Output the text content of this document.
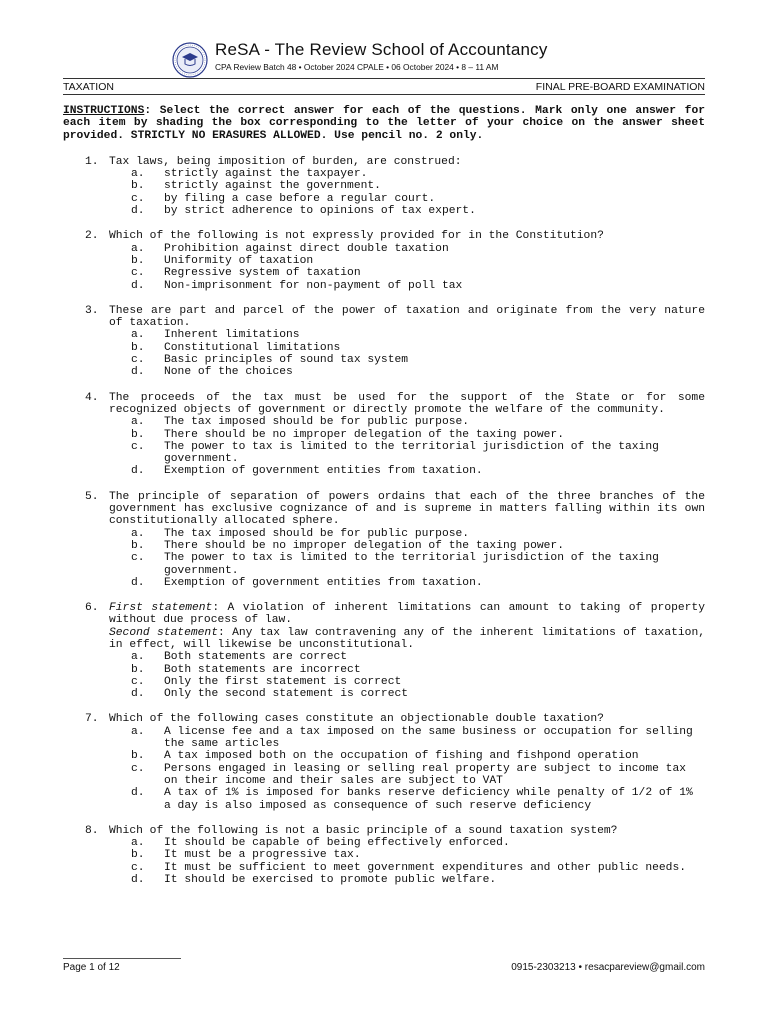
ReSA - The Review School of Accountancy
CPA Review Batch 48 • October 2024 CPALE • 06 October 2024 • 8 – 11 AM
TAXATION	FINAL PRE-BOARD EXAMINATION
INSTRUCTIONS: Select the correct answer for each of the questions. Mark only one answer for each item by shading the box corresponding to the letter of your choice on the answer sheet provided. STRICTLY NO ERASURES ALLOWED. Use pencil no. 2 only.
1. Tax laws, being imposition of burden, are construed:
a. strictly against the taxpayer.
b. strictly against the government.
c. by filing a case before a regular court.
d. by strict adherence to opinions of tax expert.
2. Which of the following is not expressly provided for in the Constitution?
a. Prohibition against direct double taxation
b. Uniformity of taxation
c. Regressive system of taxation
d. Non-imprisonment for non-payment of poll tax
3. These are part and parcel of the power of taxation and originate from the very nature of taxation.
a. Inherent limitations
b. Constitutional limitations
c. Basic principles of sound tax system
d. None of the choices
4. The proceeds of the tax must be used for the support of the State or for some recognized objects of government or directly promote the welfare of the community.
a. The tax imposed should be for public purpose.
b. There should be no improper delegation of the taxing power.
c. The power to tax is limited to the territorial jurisdiction of the taxing government.
d. Exemption of government entities from taxation.
5. The principle of separation of powers ordains that each of the three branches of the government has exclusive cognizance of and is supreme in matters falling within its own constitutionally allocated sphere.
a. The tax imposed should be for public purpose.
b. There should be no improper delegation of the taxing power.
c. The power to tax is limited to the territorial jurisdiction of the taxing government.
d. Exemption of government entities from taxation.
6. First statement: A violation of inherent limitations can amount to taking of property without due process of law.
Second statement: Any tax law contravening any of the inherent limitations of taxation, in effect, will likewise be unconstitutional.
a. Both statements are correct
b. Both statements are incorrect
c. Only the first statement is correct
d. Only the second statement is correct
7. Which of the following cases constitute an objectionable double taxation?
a. A license fee and a tax imposed on the same business or occupation for selling the same articles
b. A tax imposed both on the occupation of fishing and fishpond operation
c. Persons engaged in leasing or selling real property are subject to income tax on their income and their sales are subject to VAT
d. A tax of 1% is imposed for banks reserve deficiency while penalty of 1/2 of 1% a day is also imposed as consequence of such reserve deficiency
8. Which of the following is not a basic principle of a sound taxation system?
a. It should be capable of being effectively enforced.
b. It must be a progressive tax.
c. It must be sufficient to meet government expenditures and other public needs.
d. It should be exercised to promote public welfare.
Page 1 of 12	0915-2303213 • resacpareview@gmail.com
